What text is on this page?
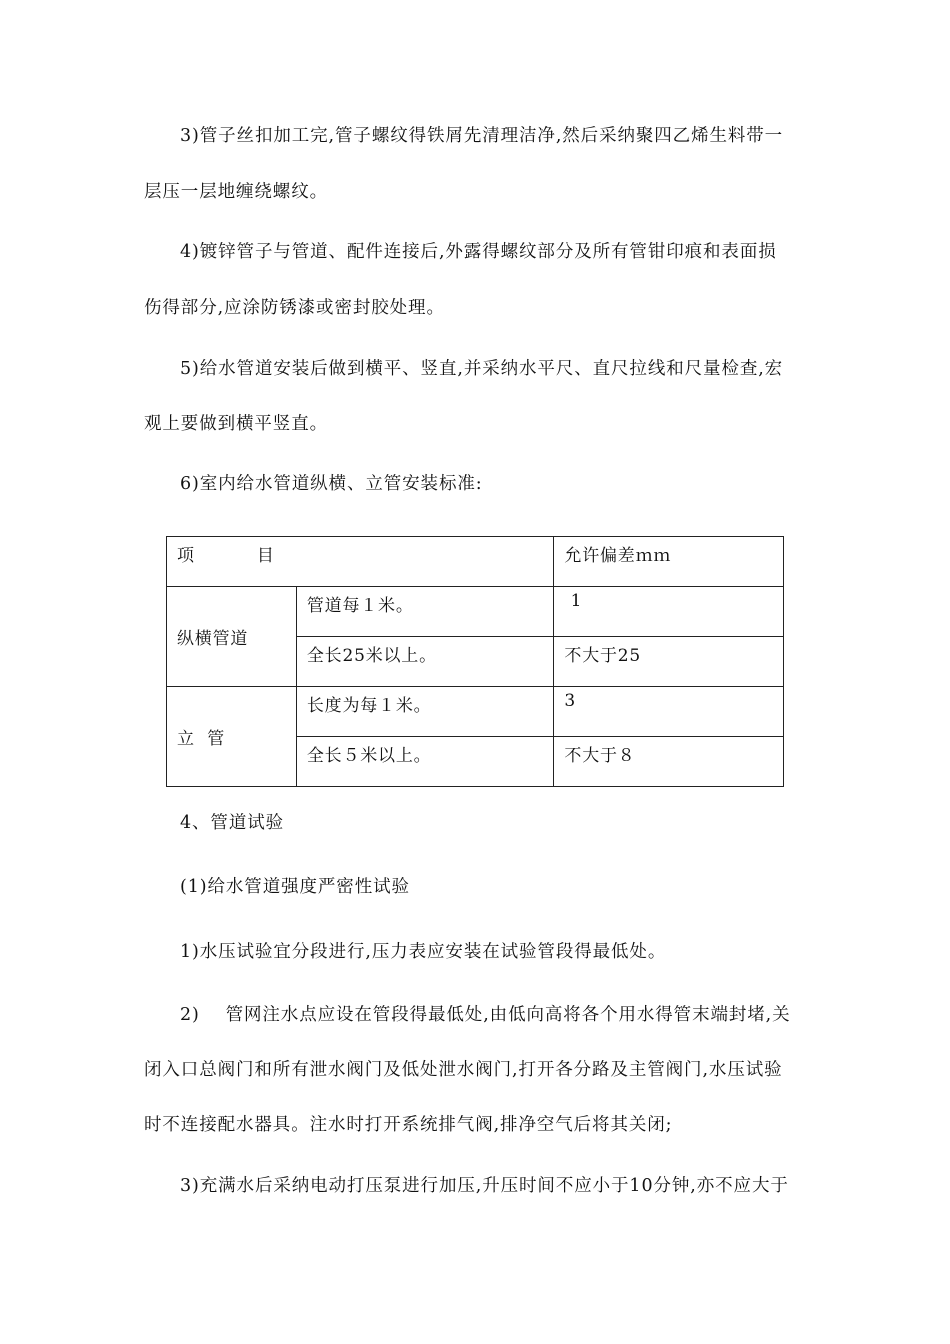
3)管子丝扣加工完,管子螺纹得铁屑先清理洁净,然后采纳聚四乙烯生料带一
层压一层地缠绕螺纹。
4)镀锌管子与管道、配件连接后,外露得螺纹部分及所有管钳印痕和表面损
伤得部分,应涂防锈漆或密封胶处理。
5)给水管道安装后做到横平、竖直,并采纳水平尺、直尺拉线和尺量检查,宏
观上要做到横平竖直。
6)室内给水管道纵横、立管安装标准:
项          目		允许偏差ｍｍ
纵横管道	管道每１米。	1
	全长25米以上。	不大于25
立  管	长度为每１米。	3
	全长５米以上。	不大于８
4、管道试验
(1)给水管道强度严密性试验
1)水压试验宜分段进行,压力表应安装在试验管段得最低处。
2)    管网注水点应设在管段得最低处,由低向高将各个用水得管末端封堵,关
闭入口总阀门和所有泄水阀门及低处泄水阀门,打开各分路及主管阀门,水压试验
时不连接配水器具。注水时打开系统排气阀,排净空气后将其关闭;
3)充满水后采纳电动打压泵进行加压,升压时间不应小于10分钟,亦不应大于
